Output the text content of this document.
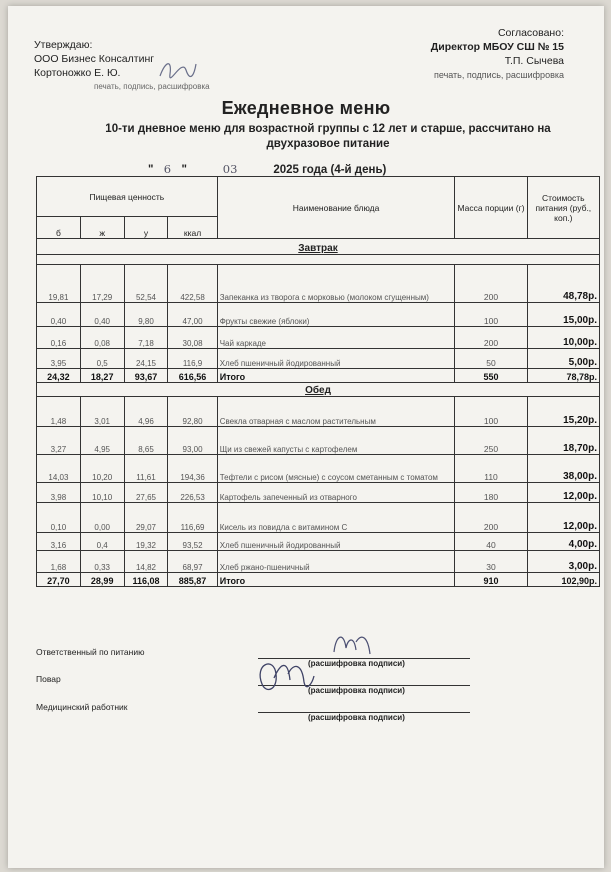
Утверждаю:
ООО Бизнес Консалтинг
Кортоножко Е. Ю.
печать, подпись, расшифровка
Согласовано:
Директор МБОУ СШ № 15
Т.П. Сычева
печать, подпись, расшифровка
Ежедневное меню
10-ти дневное меню для возрастной группы с 12 лет и старше, рассчитано на двухразовое питание
" 6 "	03	2025 года (4-й день)
Пищевая ценность				Наименование блюда	Масса порции (г)	Стоимость питания (руб., коп.)
б	ж	у	ккал			
Завтрак						

19,81	17,29	52,54	422,58	Запеканка из творога с морковью (молоком сгущенным)	200	48,78р.
0,40	0,40	9,80	47,00	Фрукты свежие (яблоки)	100	15,00р.
0,16	0,08	7,18	30,08	Чай каркаде	200	10,00р.
3,95	0,5	24,15	116,9	Хлеб пшеничный йодированный	50	5,00р.
24,32	18,27	93,67	616,56	Итого	550	78,78р.
Обед						
1,48	3,01	4,96	92,80	Свекла отварная с маслом растительным	100	15,20р.
3,27	4,95	8,65	93,00	Щи из свежей капусты с картофелем	250	18,70р.
14,03	10,20	11,61	194,36	Тефтели с рисом (мясные) с соусом сметанным с томатом	110	38,00р.
3,98	10,10	27,65	226,53	Картофель запеченный из отварного	180	12,00р.
0,10	0,00	29,07	116,69	Кисель из повидла с витамином С	200	12,00р.
3,16	0,4	19,32	93,52	Хлеб пшеничный йодированный	40	4,00р.
1,68	0,33	14,82	68,97	Хлеб ржано-пшеничный	30	3,00р.
27,70	28,99	116,08	885,87	Итого	910	102,90р.
Ответственный по питанию
(расшифровка подписи)
Повар
(расшифровка подписи)
Медицинский работник
(расшифровка подписи)
